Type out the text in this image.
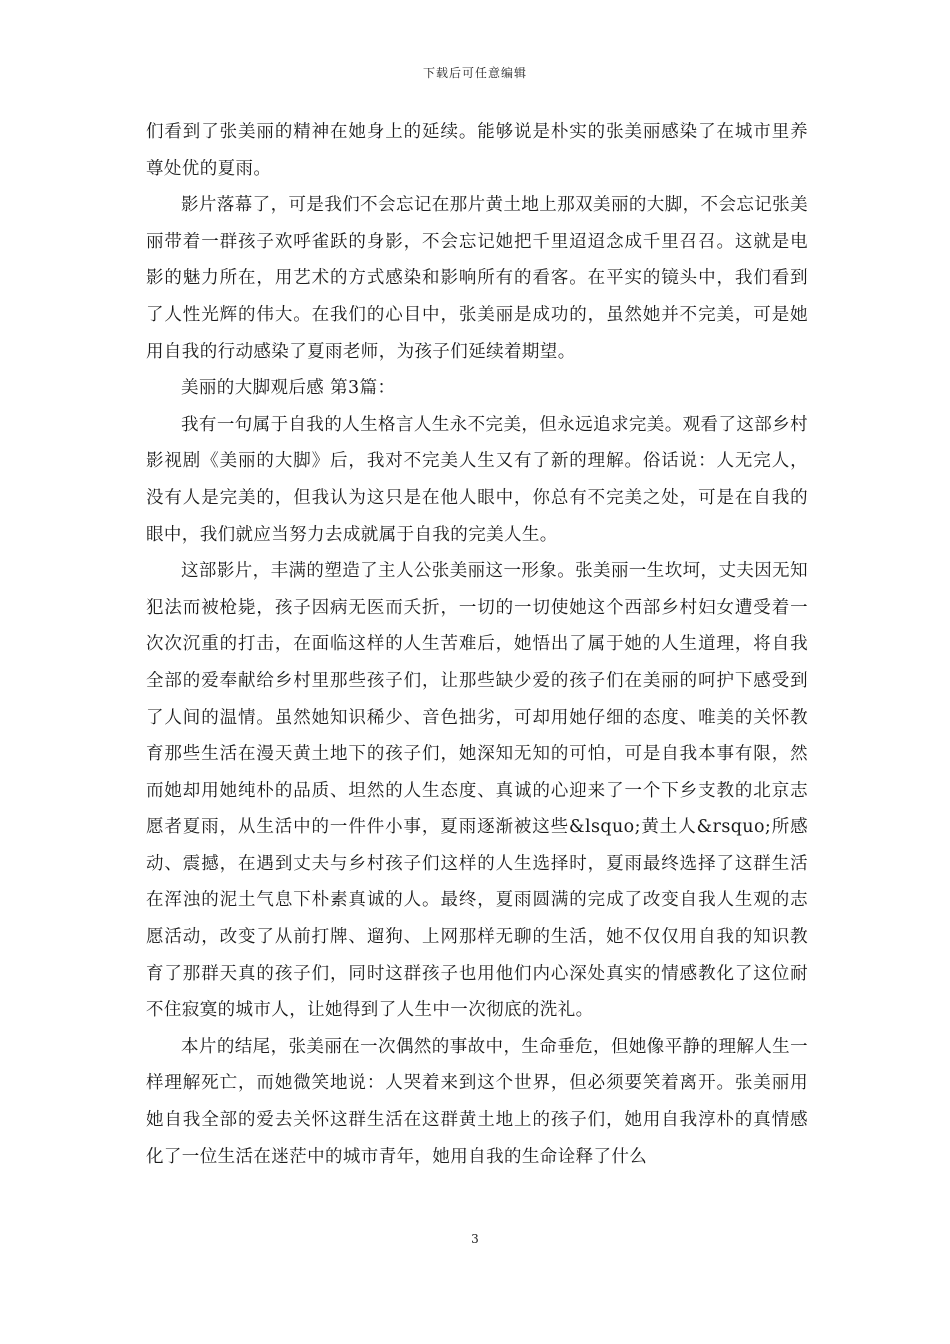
下载后可任意编辑

们看到了张美丽的精神在她身上的延续。能够说是朴实的张美丽感染了在城市里养尊处优的夏雨。

影片落幕了，可是我们不会忘记在那片黄土地上那双美丽的大脚，不会忘记张美丽带着一群孩子欢呼雀跃的身影，不会忘记她把千里迢迢念成千里召召。这就是电影的魅力所在，用艺术的方式感染和影响所有的看客。在平实的镜头中，我们看到了人性光辉的伟大。在我们的心目中，张美丽是成功的，虽然她并不完美，可是她用自我的行动感染了夏雨老师，为孩子们延续着期望。

美丽的大脚观后感 第3篇：

我有一句属于自我的人生格言人生永不完美，但永远追求完美。观看了这部乡村影视剧《美丽的大脚》后，我对不完美人生又有了新的理解。俗话说：人无完人，没有人是完美的，但我认为这只是在他人眼中，你总有不完美之处，可是在自我的眼中，我们就应当努力去成就属于自我的完美人生。

这部影片，丰满的塑造了主人公张美丽这一形象。张美丽一生坎坷，丈夫因无知犯法而被枪毙，孩子因病无医而夭折，一切的一切使她这个西部乡村妇女遭受着一次次沉重的打击，在面临这样的人生苦难后，她悟出了属于她的人生道理，将自我全部的爱奉献给乡村里那些孩子们，让那些缺少爱的孩子们在美丽的呵护下感受到了人间的温情。虽然她知识稀少、音色拙劣，可却用她仔细的态度、唯美的关怀教育那些生活在漫天黄土地下的孩子们，她深知无知的可怕，可是自我本事有限，然而她却用她纯朴的品质、坦然的人生态度、真诚的心迎来了一个下乡支教的北京志愿者夏雨，从生活中的一件件小事，夏雨逐渐被这些&lsquo;黄土人&rsquo;所感动、震撼，在遇到丈夫与乡村孩子们这样的人生选择时，夏雨最终选择了这群生活在浑浊的泥土气息下朴素真诚的人。最终，夏雨圆满的完成了改变自我人生观的志愿活动，改变了从前打牌、遛狗、上网那样无聊的生活，她不仅仅用自我的知识教育了那群天真的孩子们，同时这群孩子也用他们内心深处真实的情感教化了这位耐不住寂寞的城市人，让她得到了人生中一次彻底的洗礼。

本片的结尾，张美丽在一次偶然的事故中，生命垂危，但她像平静的理解人生一样理解死亡，而她微笑地说：人哭着来到这个世界，但必须要笑着离开。张美丽用她自我全部的爱去关怀这群生活在这群黄土地上的孩子们，她用自我淳朴的真情感化了一位生活在迷茫中的城市青年，她用自我的生命诠释了什么

3
